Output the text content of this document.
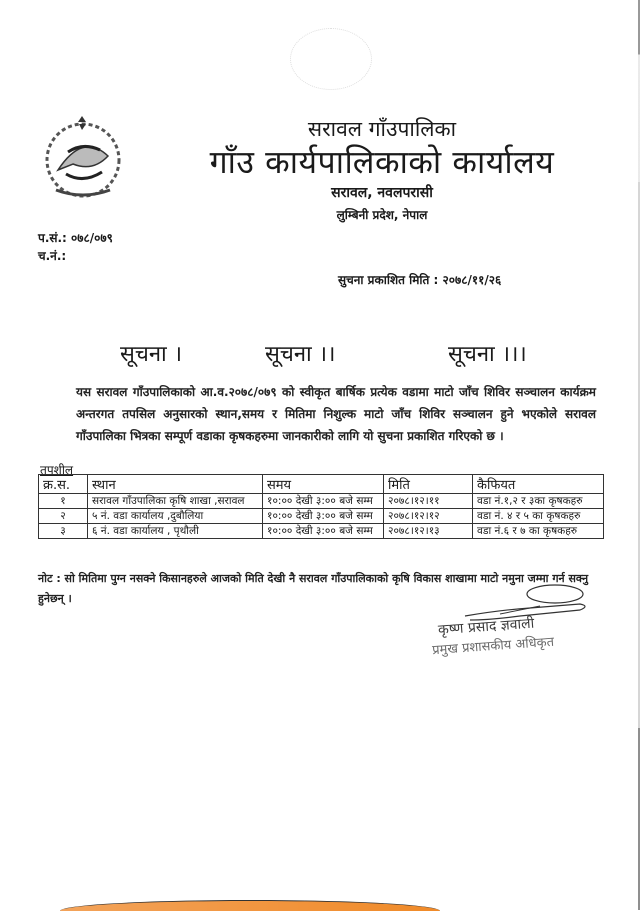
सरावल गाँउपालिका
गाँउ कार्यपालिकाको कार्यालय
सरावल, नवलपरासी
लुम्बिनी प्रदेश, नेपाल
प.सं.: ०७८/०७९
च.नं.:
सुचना प्रकाशित मिति : २०७८/११/२६
सूचना ।	सूचना ।।	सूचना ।।।
यस सरावल गाँउपालिकाको आ.व.२०७८/०७९ को स्वीकृत बार्षिक प्रत्येक वडामा माटो जाँच शिविर सञ्चालन कार्यक्रम अन्तरगत तपसिल अनुसारको स्थान,समय र मितिमा निशुल्क माटो जाँच शिविर सञ्चालन हुने भएकोले सरावल गाँउपालिका भित्रका सम्पूर्ण वडाका कृषकहरुमा जानकारीको लागि यो सुचना प्रकाशित गरिएको छ ।
तपशील
क्र.स.	स्थान	समय	मिति	कैफियत
१	सरावल गाँउपालिका कृषि शाखा ,सरावल	१०:०० देखी ३:०० बजे सम्म	२०७८।१२।११	वडा नं.१,२ र ३का कृषकहरु
२	५ नं. वडा कार्यालय ,दुबौलिया	१०:०० देखी ३:०० बजे सम्म	२०७८।१२।१२	वडा नं. ४ र ५ का कृषकहरु
३	६ नं. वडा कार्यालय , पृथौली	१०:०० देखी ३:०० बजे सम्म	२०७८।१२।१३	वडा नं.६ र ७ का कृषकहरु
नोट : सो मितिमा पुग्न नसक्ने किसानहरुले आजको मिति देखी नै सरावल गाँउपालिकाको कृषि विकास शाखामा माटो नमुना जम्मा गर्न सक्नु हुनेछन् ।
कृष्ण प्रसाद ज्ञवाली
प्रमुख प्रशासकीय अधिकृत
